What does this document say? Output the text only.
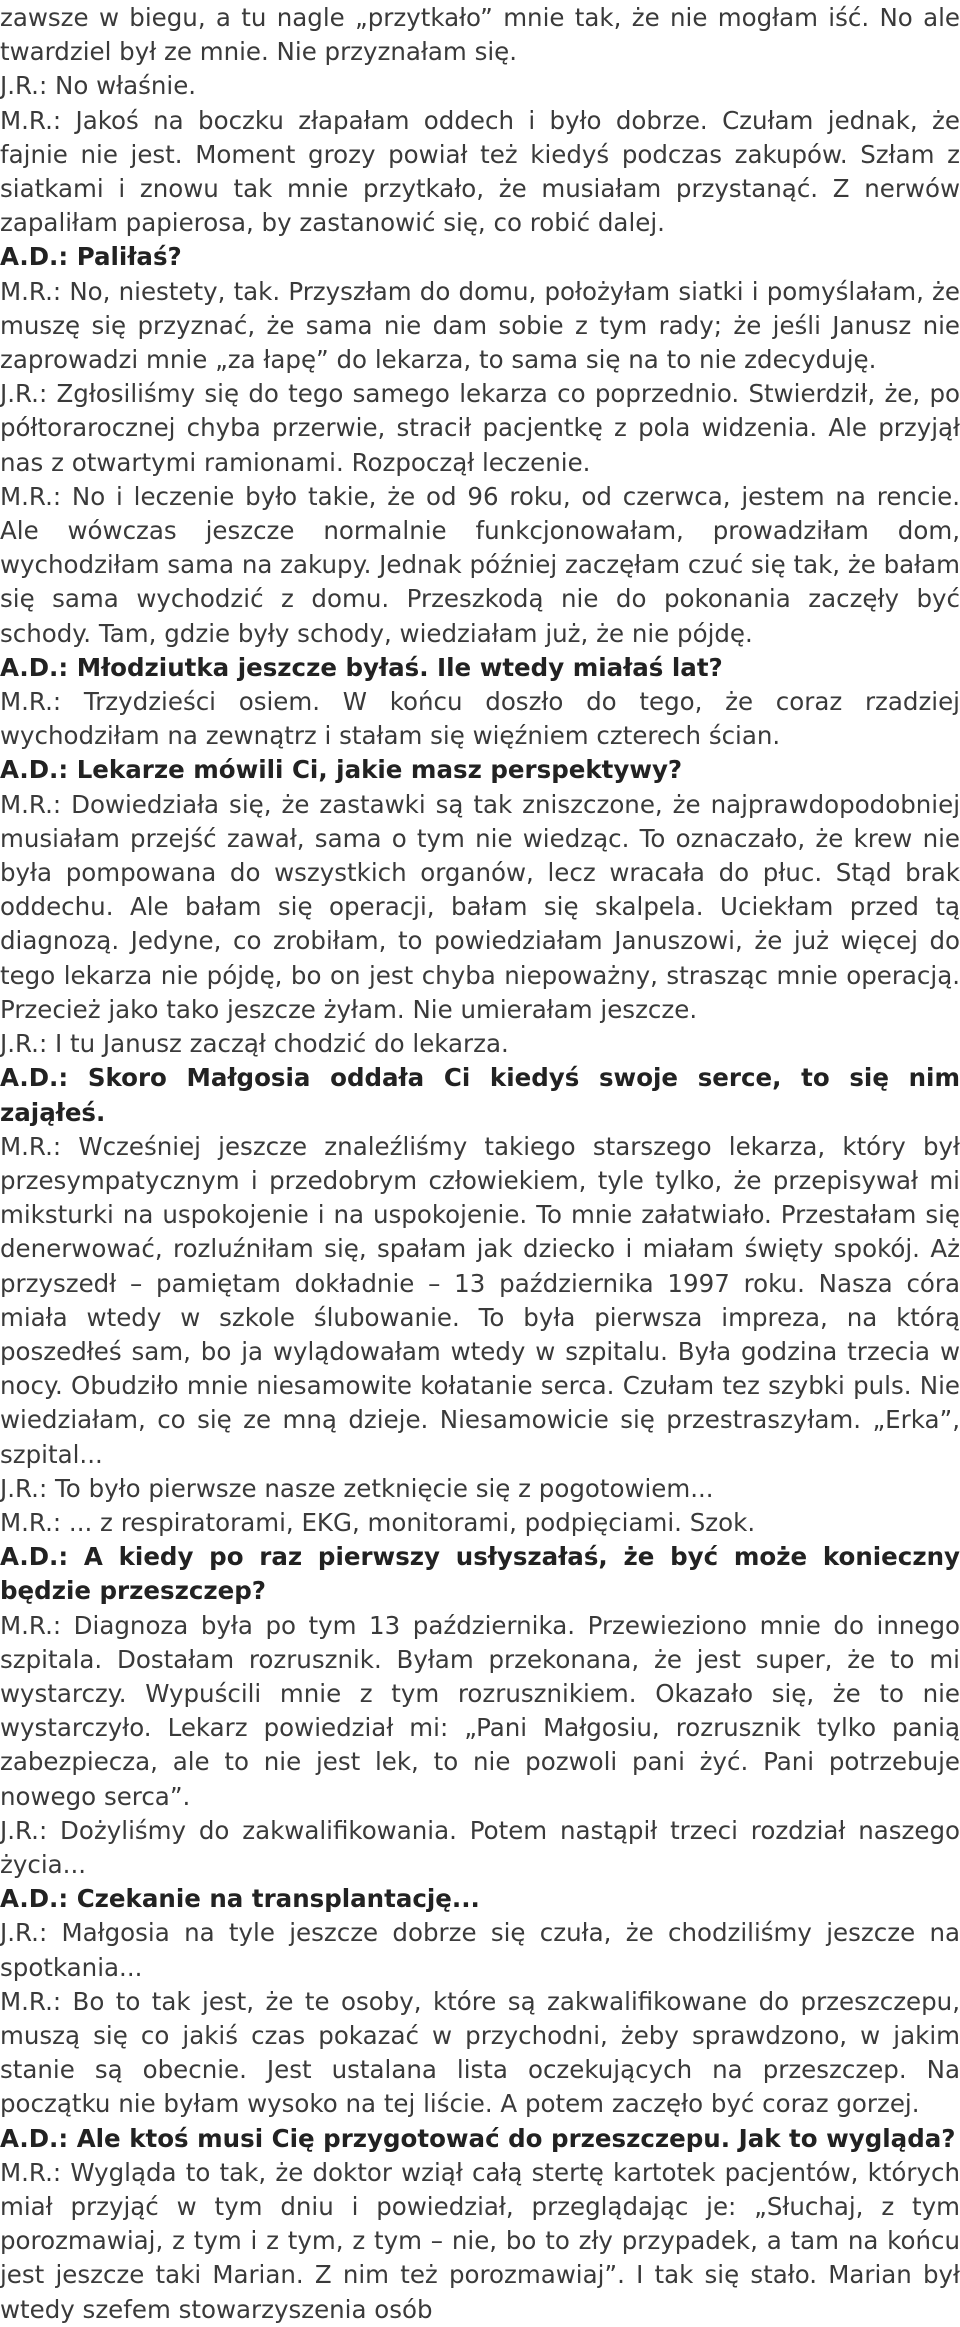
zawsze w biegu, a tu nagle „przytkało” mnie tak, że nie mogłam iść. No ale twardziel był ze mnie. Nie przyznałam się.

J.R.: No właśnie.

M.R.: Jakoś na boczku złapałam oddech i było dobrze. Czułam jednak, że fajnie nie jest. Moment grozy powiał też kiedyś podczas zakupów. Szłam z siatkami i znowu tak mnie przytkało, że musiałam przystanąć. Z nerwów zapaliłam papierosa, by zastanowić się, co robić dalej.

A.D.: Paliłaś?

M.R.: No, niestety, tak. Przyszłam do domu, położyłam siatki i pomyślałam, że muszę się przyznać, że sama nie dam sobie z tym rady; że jeśli Janusz nie zaprowadzi mnie „za łapę” do lekarza, to sama się na to nie zdecyduję.

J.R.: Zgłosiliśmy się do tego samego lekarza co poprzednio. Stwierdził, że, po półtorarocznej chyba przerwie, stracił pacjentkę z pola widzenia. Ale przyjął nas z otwartymi ramionami. Rozpoczął leczenie.

M.R.: No i leczenie było takie, że od 96 roku, od czerwca, jestem na rencie. Ale wówczas jeszcze normalnie funkcjonowałam, prowadziłam dom, wychodziłam sama na zakupy. Jednak później zaczęłam czuć się tak, że bałam się sama wychodzić z domu. Przeszkodą nie do pokonania zaczęły być schody. Tam, gdzie były schody, wiedziałam już, że nie pójdę.

A.D.: Młodziutka jeszcze byłaś. Ile wtedy miałaś lat?

M.R.: Trzydzieści osiem. W końcu doszło do tego, że coraz rzadziej wychodziłam na zewnątrz i stałam się więźniem czterech ścian.

A.D.: Lekarze mówili Ci, jakie masz perspektywy?

M.R.: Dowiedziała się, że zastawki są tak zniszczone, że najprawdopodobniej musiałam przejść zawał, sama o tym nie wiedząc. To oznaczało, że krew nie była pompowana do wszystkich organów, lecz wracała do płuc. Stąd brak oddechu. Ale bałam się operacji, bałam się skalpela. Uciekłam przed tą diagnozą. Jedyne, co zrobiłam, to powiedziałam Januszowi, że już więcej do tego lekarza nie pójdę, bo on jest chyba niepoważny, strasząc mnie operacją. Przecież jako tako jeszcze żyłam. Nie umierałam jeszcze.

J.R.: I tu Janusz zaczął chodzić do lekarza.

A.D.: Skoro Małgosia oddała Ci kiedyś swoje serce, to się nim zająłeś.

M.R.: Wcześniej jeszcze znaleźliśmy takiego starszego lekarza, który był przesympatycznym i przedobrym człowiekiem, tyle tylko, że przepisywał mi miksturki na uspokojenie i na uspokojenie. To mnie załatwiało. Przestałam się denerwować, rozluźniłam się, spałam jak dziecko i miałam święty spokój. Aż przyszedł – pamiętam dokładnie – 13 października 1997 roku. Nasza córa miała wtedy w szkole ślubowanie. To była pierwsza impreza, na którą poszedłeś sam, bo ja wylądowałam wtedy w szpitalu. Była godzina trzecia w nocy. Obudziło mnie niesamowite kołatanie serca. Czułam tez szybki puls. Nie wiedziałam, co się ze mną dzieje. Niesamowicie się przestraszyłam. „Erka”, szpital...

J.R.: To było pierwsze nasze zetknięcie się z pogotowiem...

M.R.: ... z respiratorami, EKG, monitorami, podpięciami. Szok.

A.D.: A kiedy po raz pierwszy usłyszałaś, że być może konieczny będzie przeszczep?

M.R.: Diagnoza była po tym 13 października. Przewieziono mnie do innego szpitala. Dostałam rozrusznik. Byłam przekonana, że jest super, że to mi wystarczy. Wypuścili mnie z tym rozrusznikiem. Okazało się, że to nie wystarczyło. Lekarz powiedział mi: „Pani Małgosiu, rozrusznik tylko panią zabezpiecza, ale to nie jest lek, to nie pozwoli pani żyć. Pani potrzebuje nowego serca”.

J.R.: Dożyliśmy do zakwalifikowania. Potem nastąpił trzeci rozdział naszego życia...

A.D.: Czekanie na transplantację...

J.R.: Małgosia na tyle jeszcze dobrze się czuła, że chodziliśmy jeszcze na spotkania...

M.R.: Bo to tak jest, że te osoby, które są zakwalifikowane do przeszczepu, muszą się co jakiś czas pokazać w przychodni, żeby sprawdzono, w jakim stanie są obecnie. Jest ustalana lista oczekujących na przeszczep. Na początku nie byłam wysoko na tej liście. A potem zaczęło być coraz gorzej.

A.D.: Ale ktoś musi Cię przygotować do przeszczepu. Jak to wygląda?

M.R.: Wygląda to tak, że doktor wziął całą stertę kartotek pacjentów, których miał przyjąć w tym dniu i powiedział, przeglądając je: „Słuchaj, z tym porozmawiaj, z tym i z tym, z tym – nie, bo to zły przypadek, a tam na końcu jest jeszcze taki Marian. Z nim też porozmawiaj”. I tak się stało. Marian był wtedy szefem stowarzyszenia osób
